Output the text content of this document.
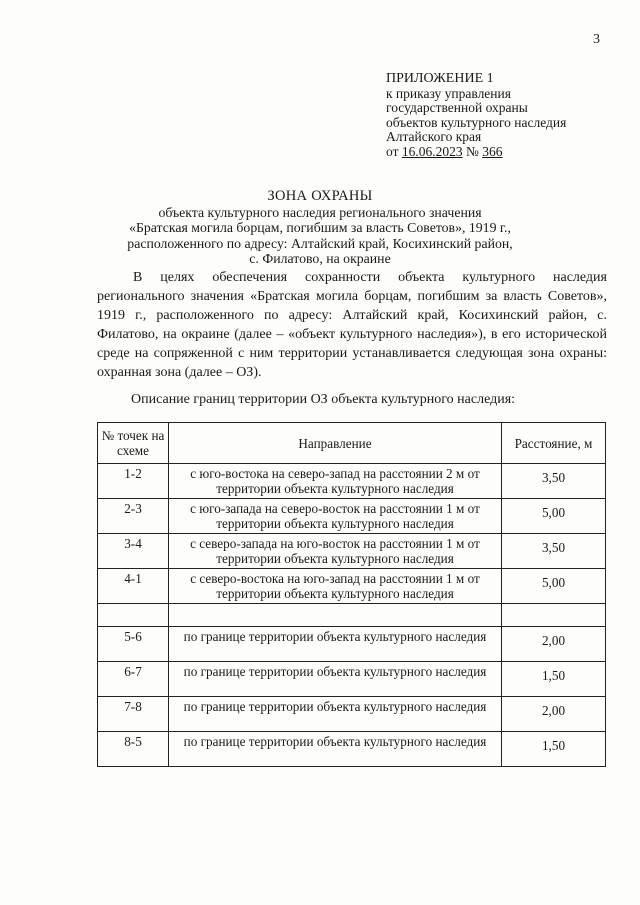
3
ПРИЛОЖЕНИЕ 1
к приказу управления
государственной охраны
объектов культурного наследия
Алтайского края
от 16.06.2023 № 366
ЗОНА ОХРАНЫ
объекта культурного наследия регионального значения
«Братская могила борцам, погибшим за власть Советов», 1919 г.,
расположенного по адресу: Алтайский край, Косихинский район,
с. Филатово, на окраине
В целях обеспечения сохранности объекта культурного наследия регионального значения «Братская могила борцам, погибшим за власть Советов», 1919 г., расположенного по адресу: Алтайский край, Косихинский район, с. Филатово, на окраине (далее – «объект культурного наследия»), в его исторической среде на сопряженной с ним территории устанавливается следующая зона охраны: охранная зона (далее – ОЗ).
Описание границ территории ОЗ объекта культурного наследия:
№ точек на схеме	Направление	Расстояние, м
1-2	с юго-востока на северо-запад на расстоянии 2 м от территории объекта культурного наследия	3,50
2-3	с юго-запада на северо-восток на расстоянии 1 м от территории объекта культурного наследия	5,00
3-4	с северо-запада на юго-восток на расстоянии 1 м от территории объекта культурного наследия	3,50
4-1	с северо-востока на юго-запад на расстоянии 1 м от территории объекта культурного наследия	5,00

5-6	по границе территории объекта культурного наследия	2,00
6-7	по границе территории объекта культурного наследия	1,50
7-8	по границе территории объекта культурного наследия	2,00
8-5	по границе территории объекта культурного наследия	1,50
